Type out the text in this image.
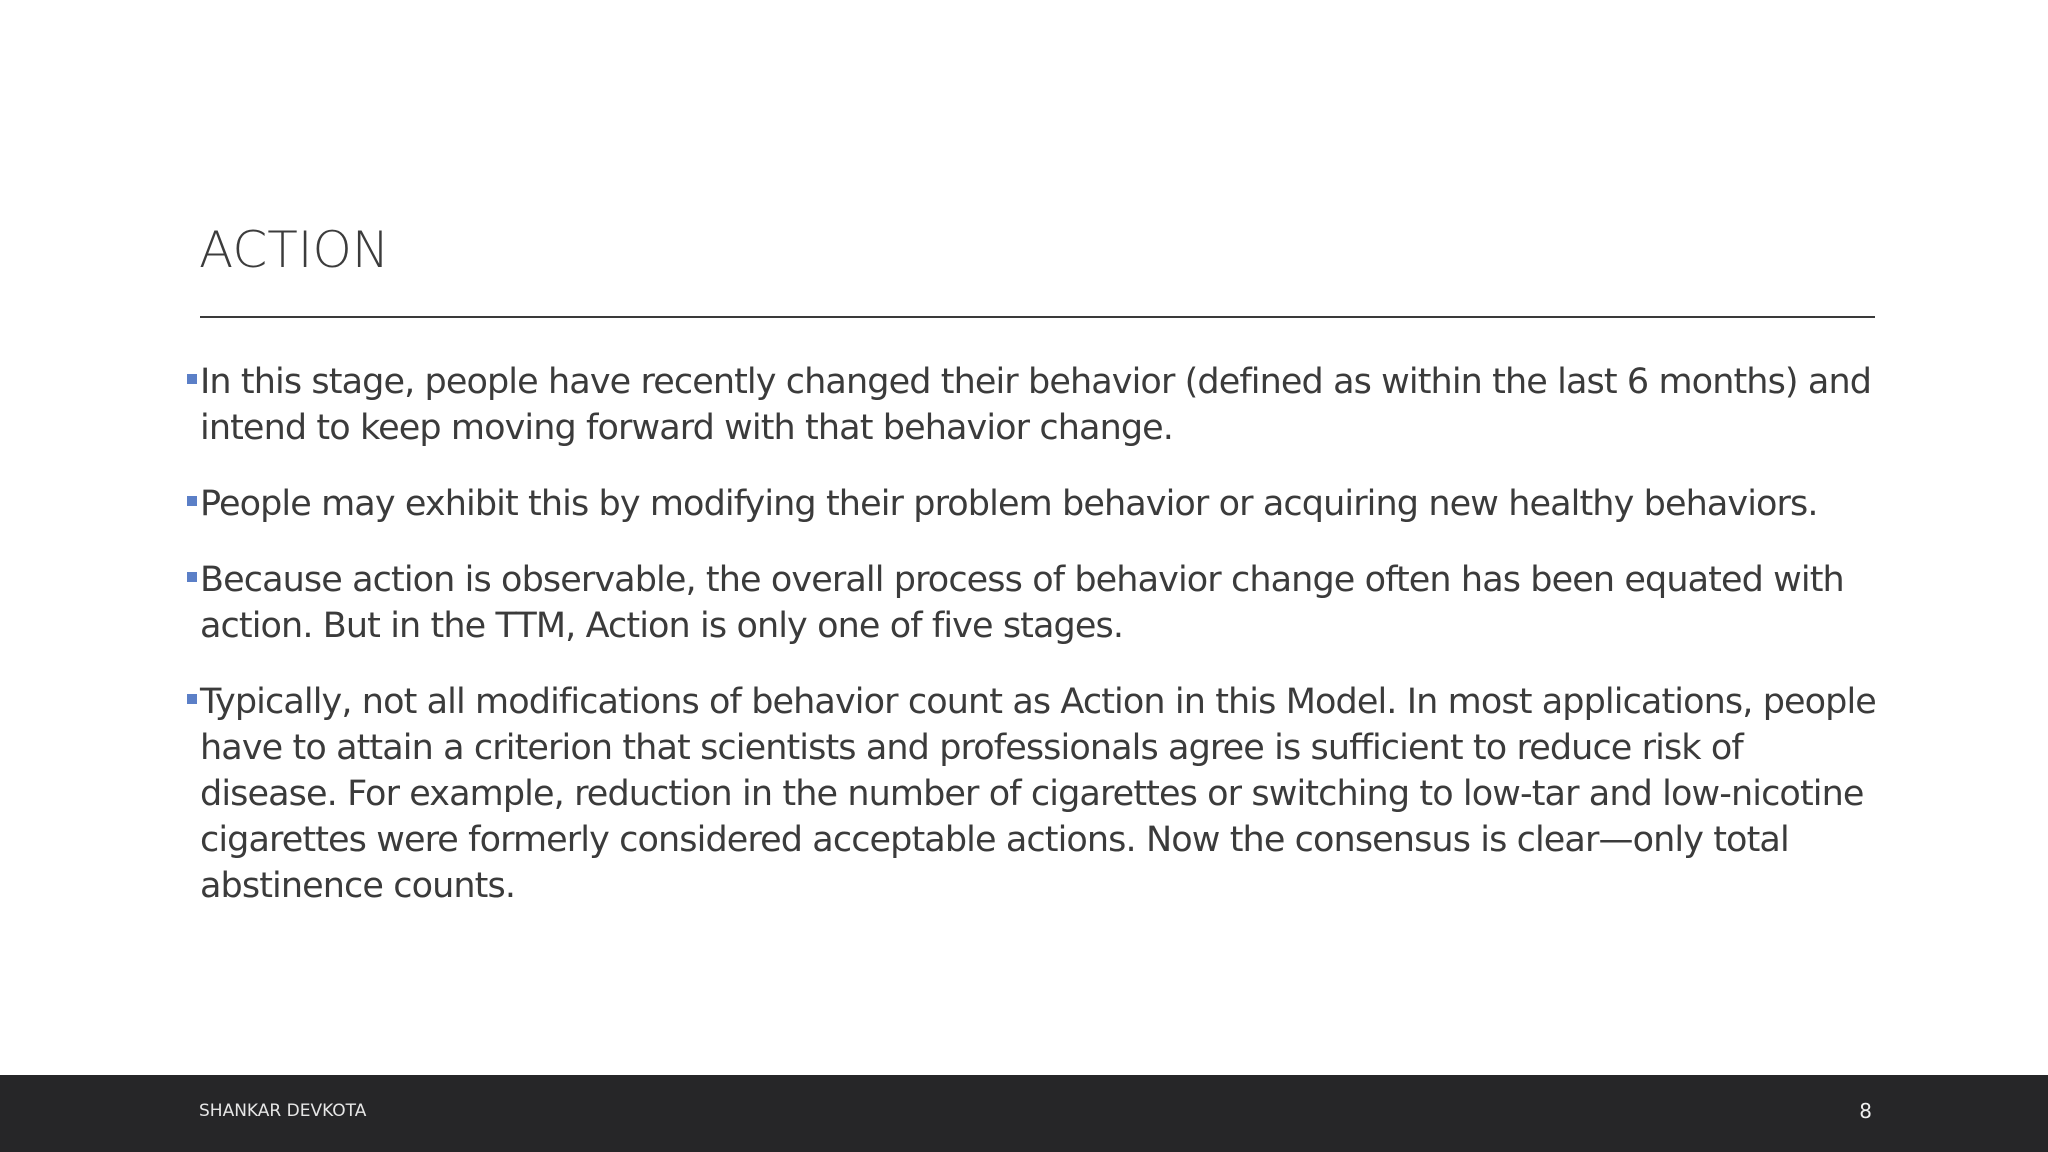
ACTION
In this stage, people have recently changed their behavior (defined as within the last 6 months) and intend to keep moving forward with that behavior change.
People may exhibit this by modifying their problem behavior or acquiring new healthy behaviors.
Because action is observable, the overall process of behavior change often has been equated with action. But in the TTM, Action is only one of five stages.
Typically, not all modifications of behavior count as Action in this Model. In most applications, people have to attain a criterion that scientists and professionals agree is sufficient to reduce risk of disease. For example, reduction in the number of cigarettes or switching to low-tar and low-nicotine cigarettes were formerly considered acceptable actions. Now the consensus is clear—only total abstinence counts.
SHANKAR DEVKOTA	8
